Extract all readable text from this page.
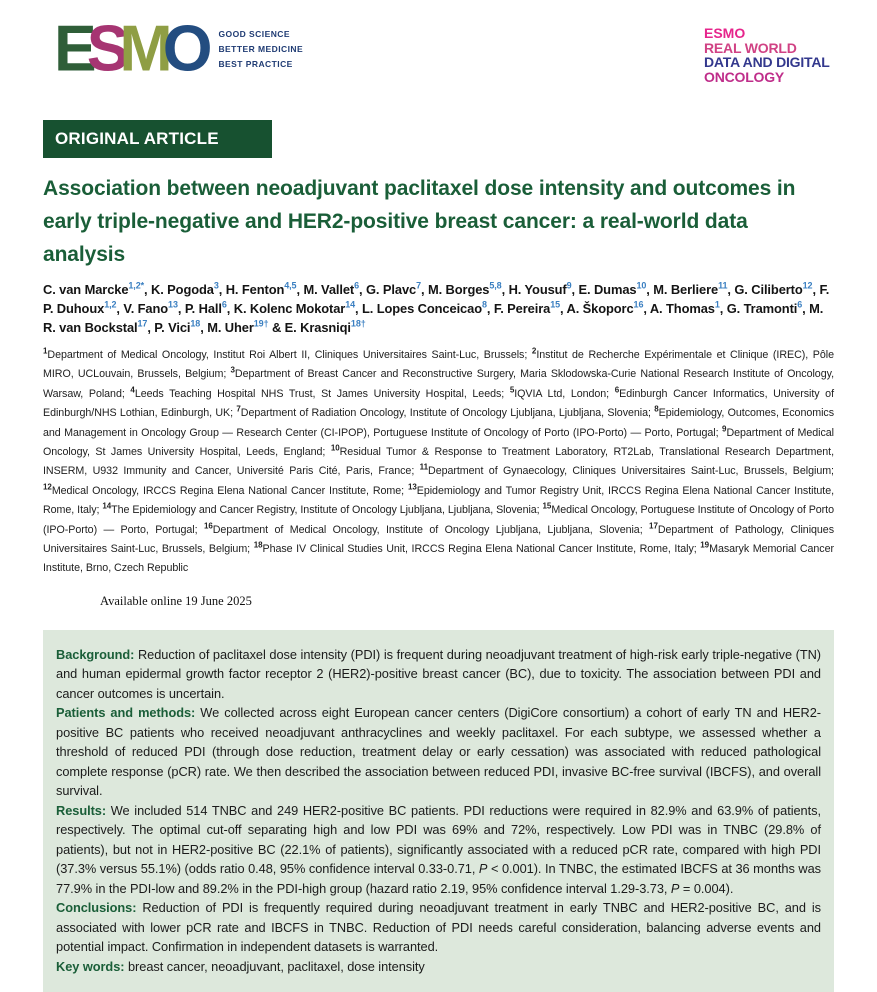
ESMO GOOD SCIENCE
BETTER MEDICINE
BEST PRACTICE
ESMO
REAL WORLD
DATA AND DIGITAL
ONCOLOGY
ORIGINAL ARTICLE
Association between neoadjuvant paclitaxel dose intensity and outcomes in early triple-negative and HER2-positive breast cancer: a real-world data analysis

C. van Marcke$^{1,2*}$, K. Pogoda$^3$, H. Fenton$^{4,5}$, M. Vallet$^6$, G. Plavc$^7$, M. Borges$^{5,8}$, H. Yousuf$^9$, E. Dumas$^{10}$, M. Berliere$^{11}$, G. Ciliberto$^{12}$, F. P. Duhoux$^{1,2}$, V. Fano$^{13}$, P. Hall$^6$, K. Kolenc Mokotar$^{14}$, L. Lopes Conceicao$^8$, F. Pereira$^{15}$, A. Škoporc$^{16}$, A. Thomas$^1$, G. Tramonti$^6$, M. R. van Bockstal$^{17}$, P. Vici$^{18}$, M. Uher$^{19\dagger}$ & E. Krasniqi$^{18\dagger}$

$^1$Department of Medical Oncology, Institut Roi Albert II, Cliniques Universitaires Saint-Luc, Brussels; $^2$Institut de Recherche Expérimentale et Clinique (IREC), Pôle MIRO, UCLouvain, Brussels, Belgium; $^3$Department of Breast Cancer and Reconstructive Surgery, Maria Sklodowska-Curie National Research Institute of Oncology, Warsaw, Poland; $^4$Leeds Teaching Hospital NHS Trust, St James University Hospital, Leeds; $^5$IQVIA Ltd, London; $^6$Edinburgh Cancer Informatics, University of Edinburgh/NHS Lothian, Edinburgh, UK; $^7$Department of Radiation Oncology, Institute of Oncology Ljubljana, Ljubljana, Slovenia; $^8$Epidemiology, Outcomes, Economics and Management in Oncology Group — Research Center (CI-IPOP), Portuguese Institute of Oncology of Porto (IPO-Porto) — Porto, Portugal; $^9$Department of Medical Oncology, St James University Hospital, Leeds, England; $^{10}$Residual Tumor & Response to Treatment Laboratory, RT2Lab, Translational Research Department, INSERM, U932 Immunity and Cancer, Université Paris Cité, Paris, France; $^{11}$Department of Gynaecology, Cliniques Universitaires Saint-Luc, Brussels, Belgium; $^{12}$Medical Oncology, IRCCS Regina Elena National Cancer Institute, Rome; $^{13}$Epidemiology and Tumor Registry Unit, IRCCS Regina Elena National Cancer Institute, Rome, Italy; $^{14}$The Epidemiology and Cancer Registry, Institute of Oncology Ljubljana, Ljubljana, Slovenia; $^{15}$Medical Oncology, Portuguese Institute of Oncology of Porto (IPO-Porto) — Porto, Portugal; $^{16}$Department of Medical Oncology, Institute of Oncology Ljubljana, Ljubljana, Slovenia; $^{17}$Department of Pathology, Cliniques Universitaires Saint-Luc, Brussels, Belgium; $^{18}$Phase IV Clinical Studies Unit, IRCCS Regina Elena National Cancer Institute, Rome, Italy; $^{19}$Masaryk Memorial Cancer Institute, Brno, Czech Republic

Available online 19 June 2025

Background: Reduction of paclitaxel dose intensity (PDI) is frequent during neoadjuvant treatment of high-risk early triple-negative (TN) and human epidermal growth factor receptor 2 (HER2)-positive breast cancer (BC), due to toxicity. The association between PDI and cancer outcomes is uncertain.

Patients and methods: We collected across eight European cancer centers (DigiCore consortium) a cohort of early TN and HER2-positive BC patients who received neoadjuvant anthracyclines and weekly paclitaxel. For each subtype, we assessed whether a threshold of reduced PDI (through dose reduction, treatment delay or early cessation) was associated with reduced pathological complete response (pCR) rate. We then described the association between reduced PDI, invasive BC-free survival (IBCFS), and overall survival.

Results: We included 514 TNBC and 249 HER2-positive BC patients. PDI reductions were required in 82.9% and 63.9% of patients, respectively. The optimal cut-off separating high and low PDI was 69% and 72%, respectively. Low PDI was in TNBC (29.8% of patients), but not in HER2-positive BC (22.1% of patients), significantly associated with a reduced pCR rate, compared with high PDI (37.3% versus 55.1%) (odds ratio 0.48, 95% confidence interval 0.33-0.71, P < 0.001). In TNBC, the estimated IBCFS at 36 months was 77.9% in the PDI-low and 89.2% in the PDI-high group (hazard ratio 2.19, 95% confidence interval 1.29-3.73, P = 0.004).

Conclusions: Reduction of PDI is frequently required during neoadjuvant treatment in early TNBC and HER2-positive BC, and is associated with lower pCR rate and IBCFS in TNBC. Reduction of PDI needs careful consideration, balancing adverse events and potential impact. Confirmation in independent datasets is warranted.

Key words: breast cancer, neoadjuvant, paclitaxel, dose intensity
